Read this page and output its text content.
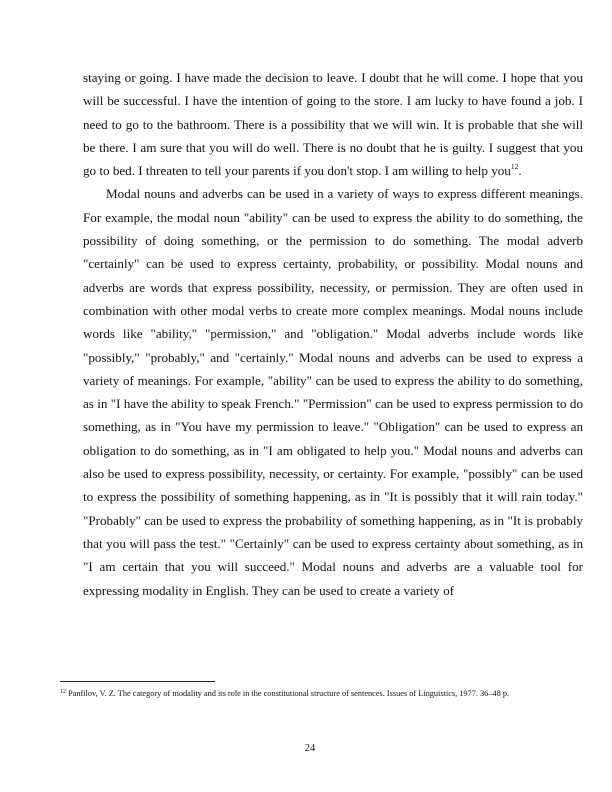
staying or going. I have made the decision to leave. I doubt that he will come. I hope that you will be successful. I have the intention of going to the store. I am lucky to have found a job. I need to go to the bathroom. There is a possibility that we will win. It is probable that she will be there. I am sure that you will do well. There is no doubt that he is guilty. I suggest that you go to bed. I threaten to tell your parents if you don't stop. I am willing to help you$^{12}$.

Modal nouns and adverbs can be used in a variety of ways to express different meanings. For example, the modal noun "ability" can be used to express the ability to do something, the possibility of doing something, or the permission to do something. The modal adverb "certainly" can be used to express certainty, probability, or possibility. Modal nouns and adverbs are words that express possibility, necessity, or permission. They are often used in combination with other modal verbs to create more complex meanings. Modal nouns include words like "ability," "permission," and "obligation." Modal adverbs include words like "possibly," "probably," and "certainly." Modal nouns and adverbs can be used to express a variety of meanings. For example, "ability" can be used to express the ability to do something, as in "I have the ability to speak French." "Permission" can be used to express permission to do something, as in "You have my permission to leave." "Obligation" can be used to express an obligation to do something, as in "I am obligated to help you." Modal nouns and adverbs can also be used to express possibility, necessity, or certainty. For example, "possibly" can be used to express the possibility of something happening, as in "It is possibly that it will rain today." "Probably" can be used to express the probability of something happening, as in "It is probably that you will pass the test." "Certainly" can be used to express certainty about something, as in "I am certain that you will succeed." Modal nouns and adverbs are a valuable tool for expressing modality in English. They can be used to create a variety of

$^{12}$ Panfilov, V. Z. The category of modality and its role in the constitutional structure of sentences. Issues of Linguistics, 1977. 36–48 p.
24
